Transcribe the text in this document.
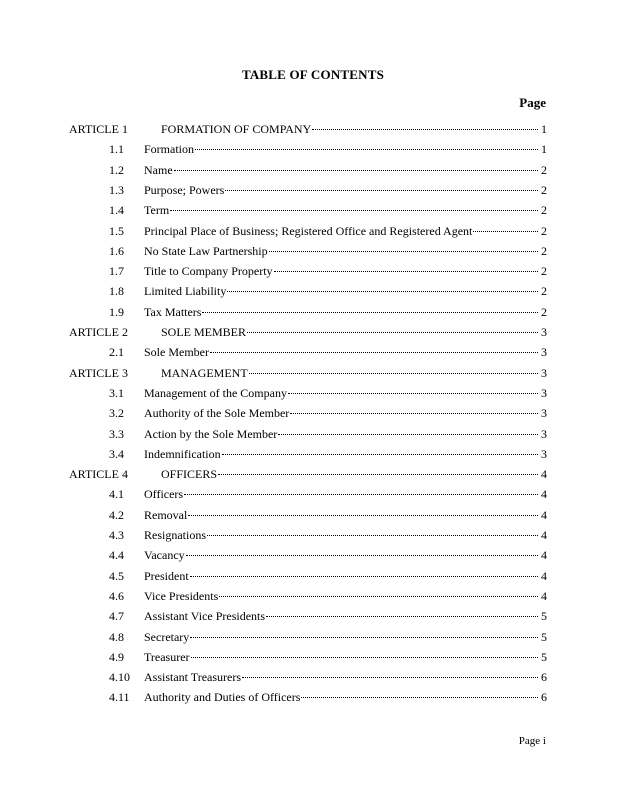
TABLE OF CONTENTS
Page
ARTICLE 1	FORMATION OF COMPANY	1
1.1 Formation	1
1.2 Name	2
1.3 Purpose; Powers	2
1.4 Term	2
1.5 Principal Place of Business; Registered Office and Registered Agent	2
1.6 No State Law Partnership	2
1.7 Title to Company Property	2
1.8 Limited Liability	2
1.9 Tax Matters	2
ARTICLE 2	SOLE MEMBER	3
2.1 Sole Member	3
ARTICLE 3	MANAGEMENT	3
3.1 Management of the Company	3
3.2 Authority of the Sole Member	3
3.3 Action by the Sole Member	3
3.4 Indemnification	3
ARTICLE 4	OFFICERS	4
4.1 Officers	4
4.2 Removal	4
4.3 Resignations	4
4.4 Vacancy	4
4.5 President	4
4.6 Vice Presidents	4
4.7 Assistant Vice Presidents	5
4.8 Secretary	5
4.9 Treasurer	5
4.10 Assistant Treasurers	6
4.11 Authority and Duties of Officers	6
Page i
